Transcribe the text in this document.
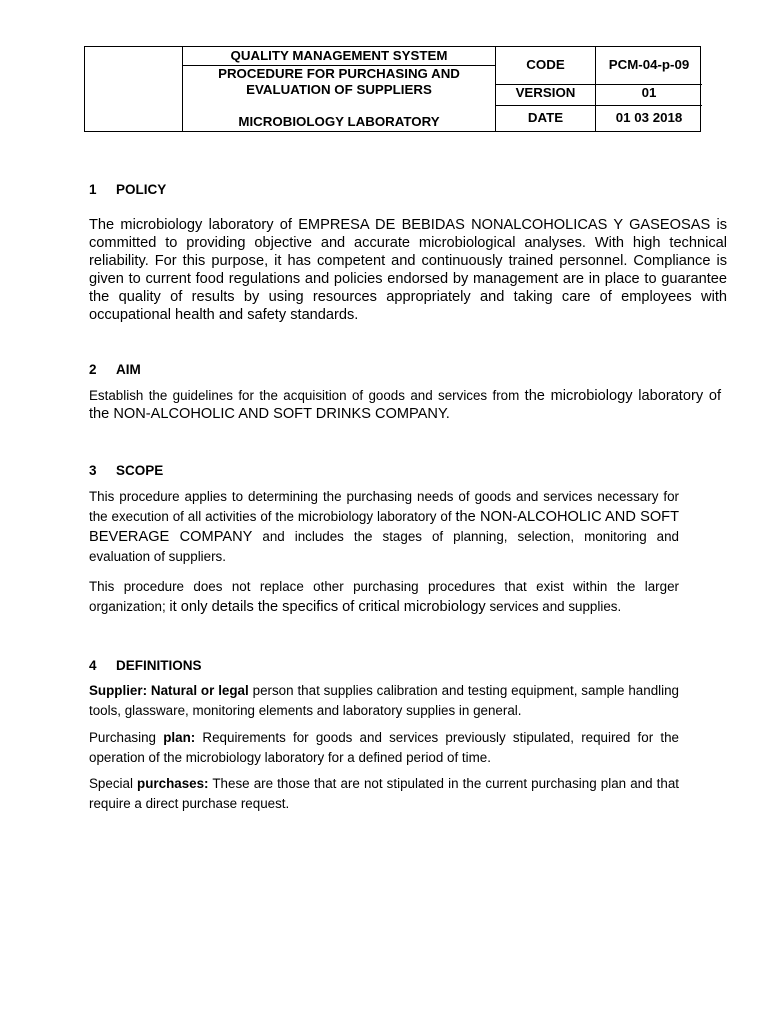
QUALITY MANAGEMENT SYSTEM
PROCEDURE FOR PURCHASING AND
EVALUATION OF SUPPLIERS
MICROBIOLOGY LABORATORY
CODE
VERSION
DATE
PCM-04-p-09
01
01 03 2018
1 POLICY
The microbiology laboratory of EMPRESA DE BEBIDAS NONALCOHOLICAS Y GASEOSAS is committed to providing objective and accurate microbiological analyses. With high technical reliability. For this purpose, it has competent and continuously trained personnel. Compliance is given to current food regulations and policies endorsed by management are in place to guarantee the quality of results by using resources appropriately and taking care of employees with occupational health and safety standards.
2 AIM
Establish the guidelines for the acquisition of goods and services from the microbiology laboratory of the NON-ALCOHOLIC AND SOFT DRINKS COMPANY.
3 SCOPE
This procedure applies to determining the purchasing needs of goods and services necessary for the execution of all activities of the microbiology laboratory of the NON-ALCOHOLIC AND SOFT BEVERAGE COMPANY and includes the stages of planning, selection, monitoring and evaluation of suppliers.
This procedure does not replace other purchasing procedures that exist within the larger organization; it only details the specifics of critical microbiology services and supplies.
4 DEFINITIONS
Supplier: Natural or legal person that supplies calibration and testing equipment, sample handling tools, glassware, monitoring elements and laboratory supplies in general.
Purchasing plan: Requirements for goods and services previously stipulated, required for the operation of the microbiology laboratory for a defined period of time.
Special purchases: These are those that are not stipulated in the current purchasing plan and that require a direct purchase request.
